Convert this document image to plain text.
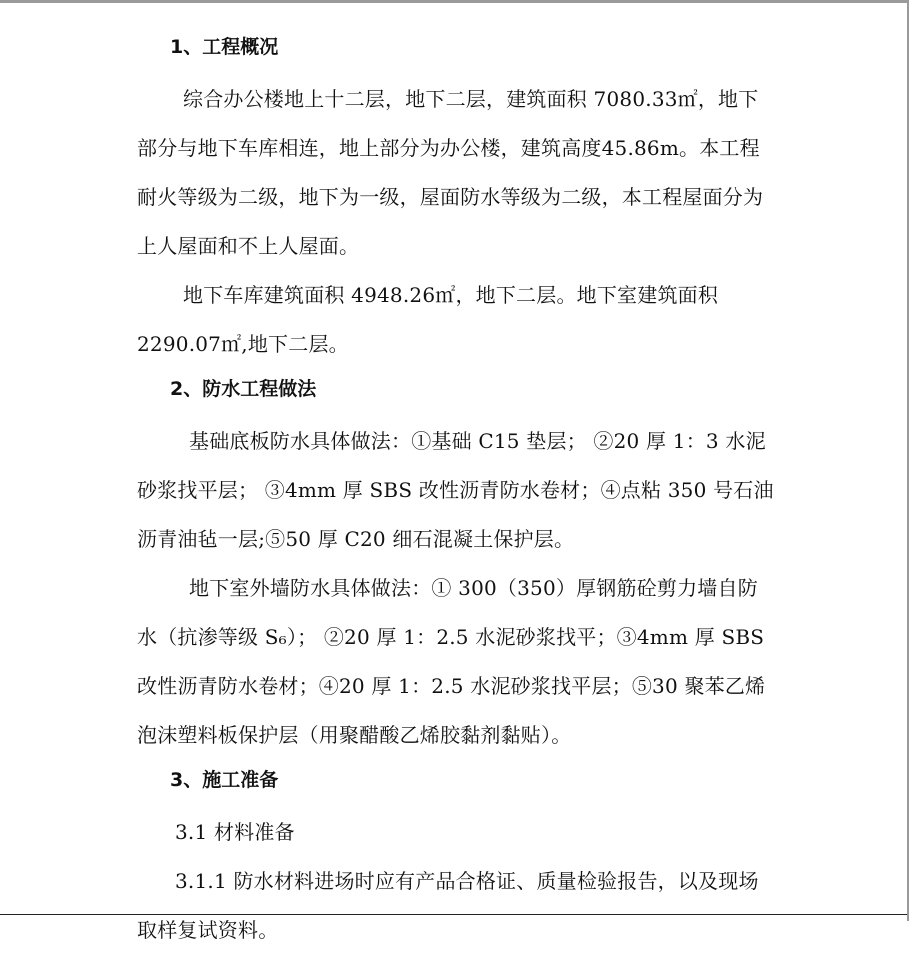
1、工程概况
综合办公楼地上十二层，地下二层，建筑面积 7080.33㎡，地下部分与地下车库相连，地上部分为办公楼，建筑高度45.86m。本工程耐火等级为二级，地下为一级，屋面防水等级为二级，本工程屋面分为上人屋面和不上人屋面。
地下车库建筑面积 4948.26㎡，地下二层。地下室建筑面积2290.07㎡,地下二层。
2、防水工程做法
基础底板防水具体做法：①基础 C15 垫层； ②20 厚 1：3 水泥砂浆找平层； ③4mm 厚 SBS 改性沥青防水卷材；④点粘 350 号石油沥青油毡一层;⑤50 厚 C20 细石混凝土保护层。
地下室外墙防水具体做法：① 300（350）厚钢筋砼剪力墙自防水（抗渗等级 S₆）； ②20 厚 1：2.5 水泥砂浆找平；③4mm 厚 SBS 改性沥青防水卷材；④20 厚 1：2.5 水泥砂浆找平层；⑤30 聚苯乙烯泡沫塑料板保护层（用聚醋酸乙烯胶黏剂黏贴）。
3、施工准备
3.1 材料准备
3.1.1 防水材料进场时应有产品合格证、质量检验报告，以及现场取样复试资料。
